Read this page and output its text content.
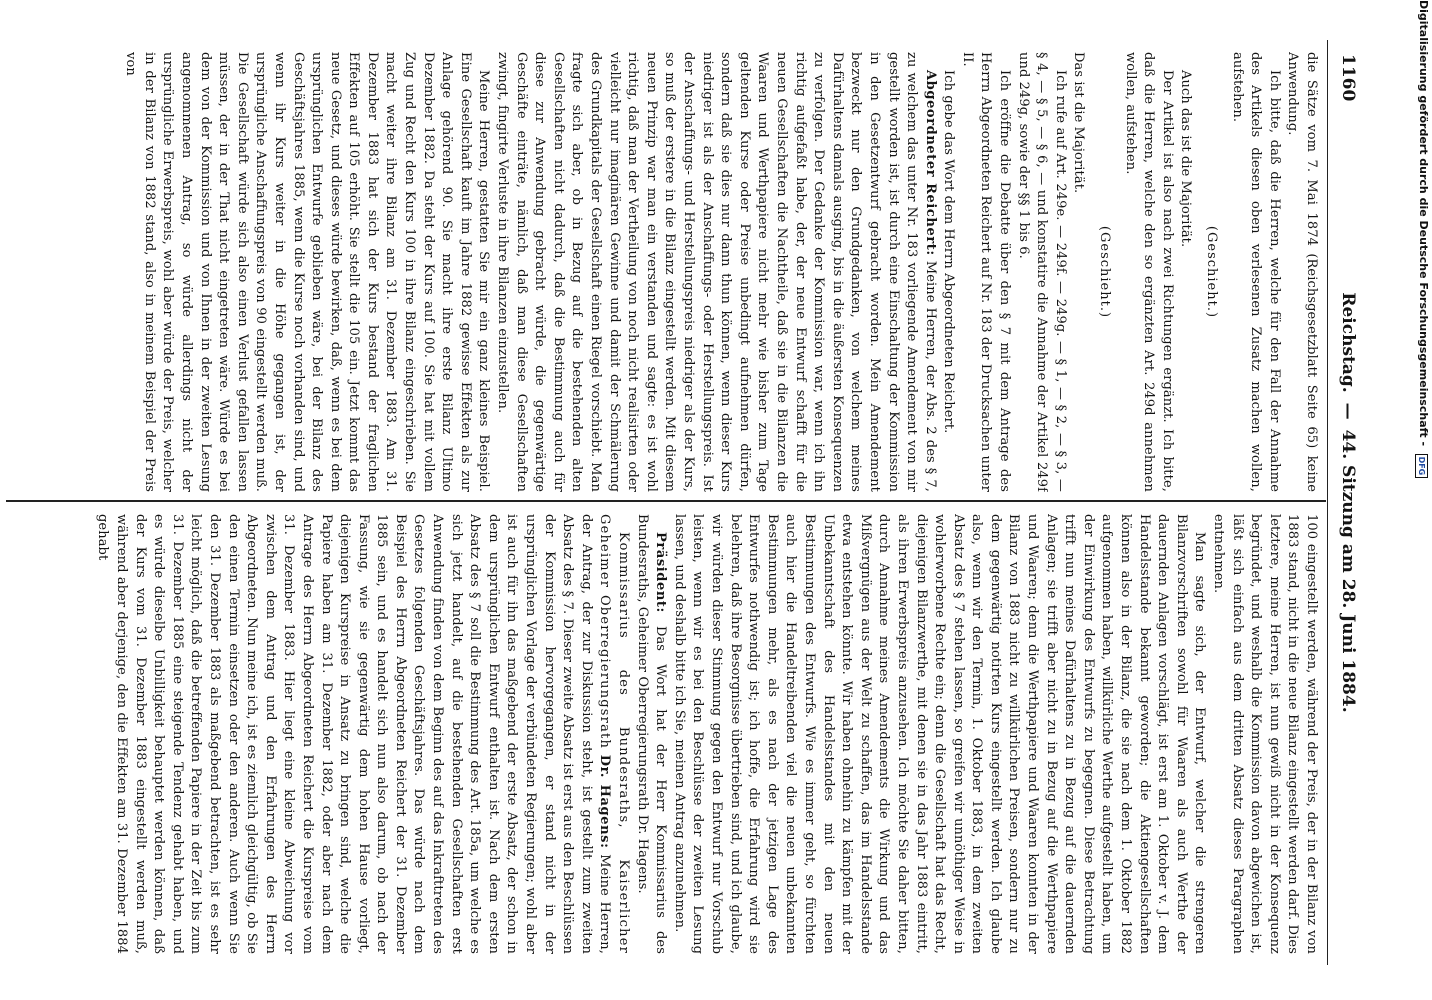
1160
Reichstag. — 44. Sitzung am 28. Juni 1884.

die Sätze vom 7. Mai 1874 (Reichsgesetzblatt Seite 65) keine Anwendung.

Ich bitte, daß die Herren, welche für den Fall der Annahme des Artikels diesen oben verlesenen Zusatz machen wollen, aufstehen.

(Geschieht.)

Auch das ist die Majorität.

Der Artikel ist also nach zwei Richtungen ergänzt. Ich bitte, daß die Herren, welche den so ergänzten Art. 249d annehmen wollen, aufstehen.

(Geschieht.)

Das ist die Majorität.

Ich rufe auf Art. 249e. — 249f. — 249g. — § 1, — § 2, — § 3, — § 4, — § 5, — § 6, — und konstatire die Annahme der Artikel 249f und 249g, sowie der §§ 1 bis 6.

Ich eröffne die Debatte über den § 7 mit dem Antrage des Herrn Abgeordneten Reichert auf Nr. 183 der Drucksachen unter II.

Ich gebe das Wort dem Herrn Abgeordneten Reichert.

Abgeordneter Reichert: Meine Herren, der Abs. 2 des § 7, zu welchem das unter Nr. 183 vorliegende Amendement von mir gestellt worden ist, ist durch eine Einschaltung der Kommission in den Gesetzentwurf gebracht worden. Mein Amendement bezweckt nur den Grundgedanken, von welchem meines Dafürhaltens damals ausging, bis in die äußersten Konsequenzen zu verfolgen. Der Gedanke der Kommission war, wenn ich ihn richtig aufgefaßt habe, der, der neue Entwurf schafft für die neuen Gesellschaften die Nachtheile, daß sie in die Bilanzen die Waaren und Werthpapiere nicht mehr wie bisher zum Tage geltenden Kurse oder Preise unbedingt aufnehmen dürfen, sondern daß sie dies nur dann thun können, wenn dieser Kurs niedriger ist als der Anschaffungs- oder Herstellungspreis. Ist der Anschaffungs- und Herstellungspreis niedriger als der Kurs, so muß der erstere in die Bilanz eingestellt werden. Mit diesem neuen Prinzip war man ein verstanden und sagte: es ist wohl richtig, daß man der Vertheilung von noch nicht realisirten oder vielleicht nur imaginären Gewinne und damit der Schmälerung des Grundkapitals der Gesellschaft einen Riegel vorschiebt. Man fragte sich aber, ob in Bezug auf die bestehenden alten Gesellschaften nicht dadurch, daß die Bestimmung auch für diese zur Anwendung gebracht würde, die gegenwärtige Geschäfte einträte, nämlich, daß man diese Gesellschaften zwingt, fingirte Verluste in ihre Bilanzen einzustellen.

Meine Herren, gestatten Sie mir ein ganz kleines Beispiel. Eine Gesellschaft kauft im Jahre 1882 gewisse Effekten als zur Anlage gehörend 90. Sie macht ihre erste Bilanz Ultimo Dezember 1882. Da steht der Kurs auf 100. Sie hat mit vollem Zug und Recht den Kurs 100 in ihre Bilanz eingeschrieben. Sie macht weiter ihre Bilanz am 31. Dezember 1883. Am 31. Dezember 1883 hat sich der Kurs bestand der fraglichen Effekten auf 105 erhöht. Sie stellt die 105 ein. Jetzt kommt das neue Gesetz, und dieses würde bewirken, daß, wenn es bei dem ursprünglichen Entwurfe geblieben wäre, bei der Bilanz des Geschäftsjahres 1885, wenn die Kurse noch vorhanden sind, und wenn ihr Kurs weiter in die Höhe gegangen ist, der ursprüngliche Anschaffungspreis von 90 eingestellt werden muß. Die Gesellschaft würde sich also einen Verlust gefallen lassen müssen, der in der That nicht eingetreten wäre. Würde es bei dem von der Kommission und von Ihnen in der zweiten Lesung angenommenen Antrag, so würde allerdings nicht der ursprüngliche Erwerbspreis, wohl aber würde der Preis, welcher in der Bilanz von 1882 stand, also in meinem Beispiel der Preis von

100 eingestellt werden, während der Preis, der in der Bilanz von 1883 stand, nicht in die neue Bilanz eingestellt werden darf. Dies letztere, meine Herren, ist nun gewiß nicht in der Konsequenz begründet, und weshalb die Kommission davon abgewichen ist, läßt sich einfach aus dem dritten Absatz dieses Paragraphen entnehmen.

Man sagte sich, der Entwurf, welcher die strengeren Bilanzvorschriften sowohl für Waaren als auch Werthe der dauernden Anlagen vorschlägt, ist erst am 1. Oktober v. J. dem Handelsstande bekannt geworden; die Aktiengesellschaften können also in der Bilanz, die sie nach dem 1. Oktober 1882 aufgenommen haben, willkürliche Werthe aufgestellt haben, um der Einwirkung des Entwurfs zu begegnen. Diese Betrachtung trifft nun meines Dafürhaltens zu in Bezug auf die dauernden Anlagen; sie trifft aber nicht zu in Bezug auf die Werthpapiere und Waaren; denn die Werthpapiere und Waaren konnten in der Bilanz von 1883 nicht zu willkürlichen Preisen, sondern nur zu dem gegenwärtig notirten Kurs eingestellt werden. Ich glaube also, wenn wir den Termin, 1. Oktober 1883, in dem zweiten Absatz des § 7 stehen lassen, so greifen wir unnöthiger Weise in wohlerworbene Rechte ein; denn die Gesellschaft hat das Recht, diejenigen Bilanzwerthe, mit denen sie in das Jahr 1883 eintritt, als ihren Erwerbspreis anzusehen. Ich möchte Sie daher bitten, durch Annahme meines Amendements die Wirkung und das Mißvergnügen aus der Welt zu schaffen, das im Handelsstande etwa entstehen könnte. Wir haben ohnehin zu kämpfen mit der Unbekanntschaft des Handelsstandes mit den neuen Bestimmungen des Entwurfs. Wie es immer geht, so fürchten auch hier die Handeltreibenden viel die neuen unbekannten Bestimmungen mehr, als es nach der jetzigen Lage des Entwurfes nothwendig ist; ich hoffe, die Erfahrung wird sie belehren, daß ihre Besorgnisse übertrieben sind, und ich glaube, wir würden dieser Stimmung gegen den Entwurf nur Vorschub leisten, wenn wir es bei den Beschlüsse der zweiten Lesung lassen, und deshalb bitte ich Sie, meinen Antrag anzunehmen.

Präsident: Das Wort hat der Herr Kommissarius des Bundesraths, Geheimer Oberregierungsrath Dr. Hagens.

Kommissarius des Bundesraths, Kaiserlicher Geheimer Oberregierungsrath Dr. Hagens: Meine Herren, der Antrag, der zur Diskussion steht, ist gestellt zum zweiten Absatz des § 7. Dieser zweite Absatz ist erst aus den Beschlüssen der Kommission hervorgegangen, er stand nicht in der ursprünglichen Vorlage der verbündeten Regierungen; wohl aber ist auch für ihn das maßgebend der erste Absatz, der schon in dem ursprünglichen Entwurf enthalten ist. Nach dem ersten Absatz des § 7 soll die Bestimmung des Art. 185a, um welche es sich jetzt handelt, auf die bestehenden Gesellschaften erst Anwendung finden von dem Beginn des auf das Inkrafttreten des Gesetzes folgenden Geschäftsjahres. Das würde nach dem Beispiel des Herrn Abgeordneten Reichert der 31. Dezember 1885 sein, und es handelt sich nun also darum, ob nach der Fassung, wie sie gegenwärtig dem hohen Hause vorliegt, diejenigen Kurspreise in Ansatz zu bringen sind, welche die Papiere haben am 31. Dezember 1882, oder aber nach dem Antrage des Herrn Abgeordneten Reichert die Kurspreise vom 31. Dezember 1883. Hier liegt eine kleine Abweichung vor zwischen dem Antrag und den Erfahrungen des Herrn Abgeordneten. Nun meine ich, ist es ziemlich gleichgültig, ob Sie den einen Termin einsetzen oder den anderen. Auch wenn Sie den 31. Dezember 1883 als maßgebend betrachten, ist es sehr leicht möglich, daß die betreffenden Papiere in der Zeit bis zum 31. Dezember 1885 eine steigende Tendenz gehabt haben, und es würde dieselbe Unbilligkeit behauptet werden können, daß der Kurs vom 31. Dezember 1883 eingestellt werden muß, während aber derjenige, den die Effekten am 31. Dezember 1884 gehabt

Digitalisierung gefördert durch die Deutsche Forschungsgemeinschaft - DFG
